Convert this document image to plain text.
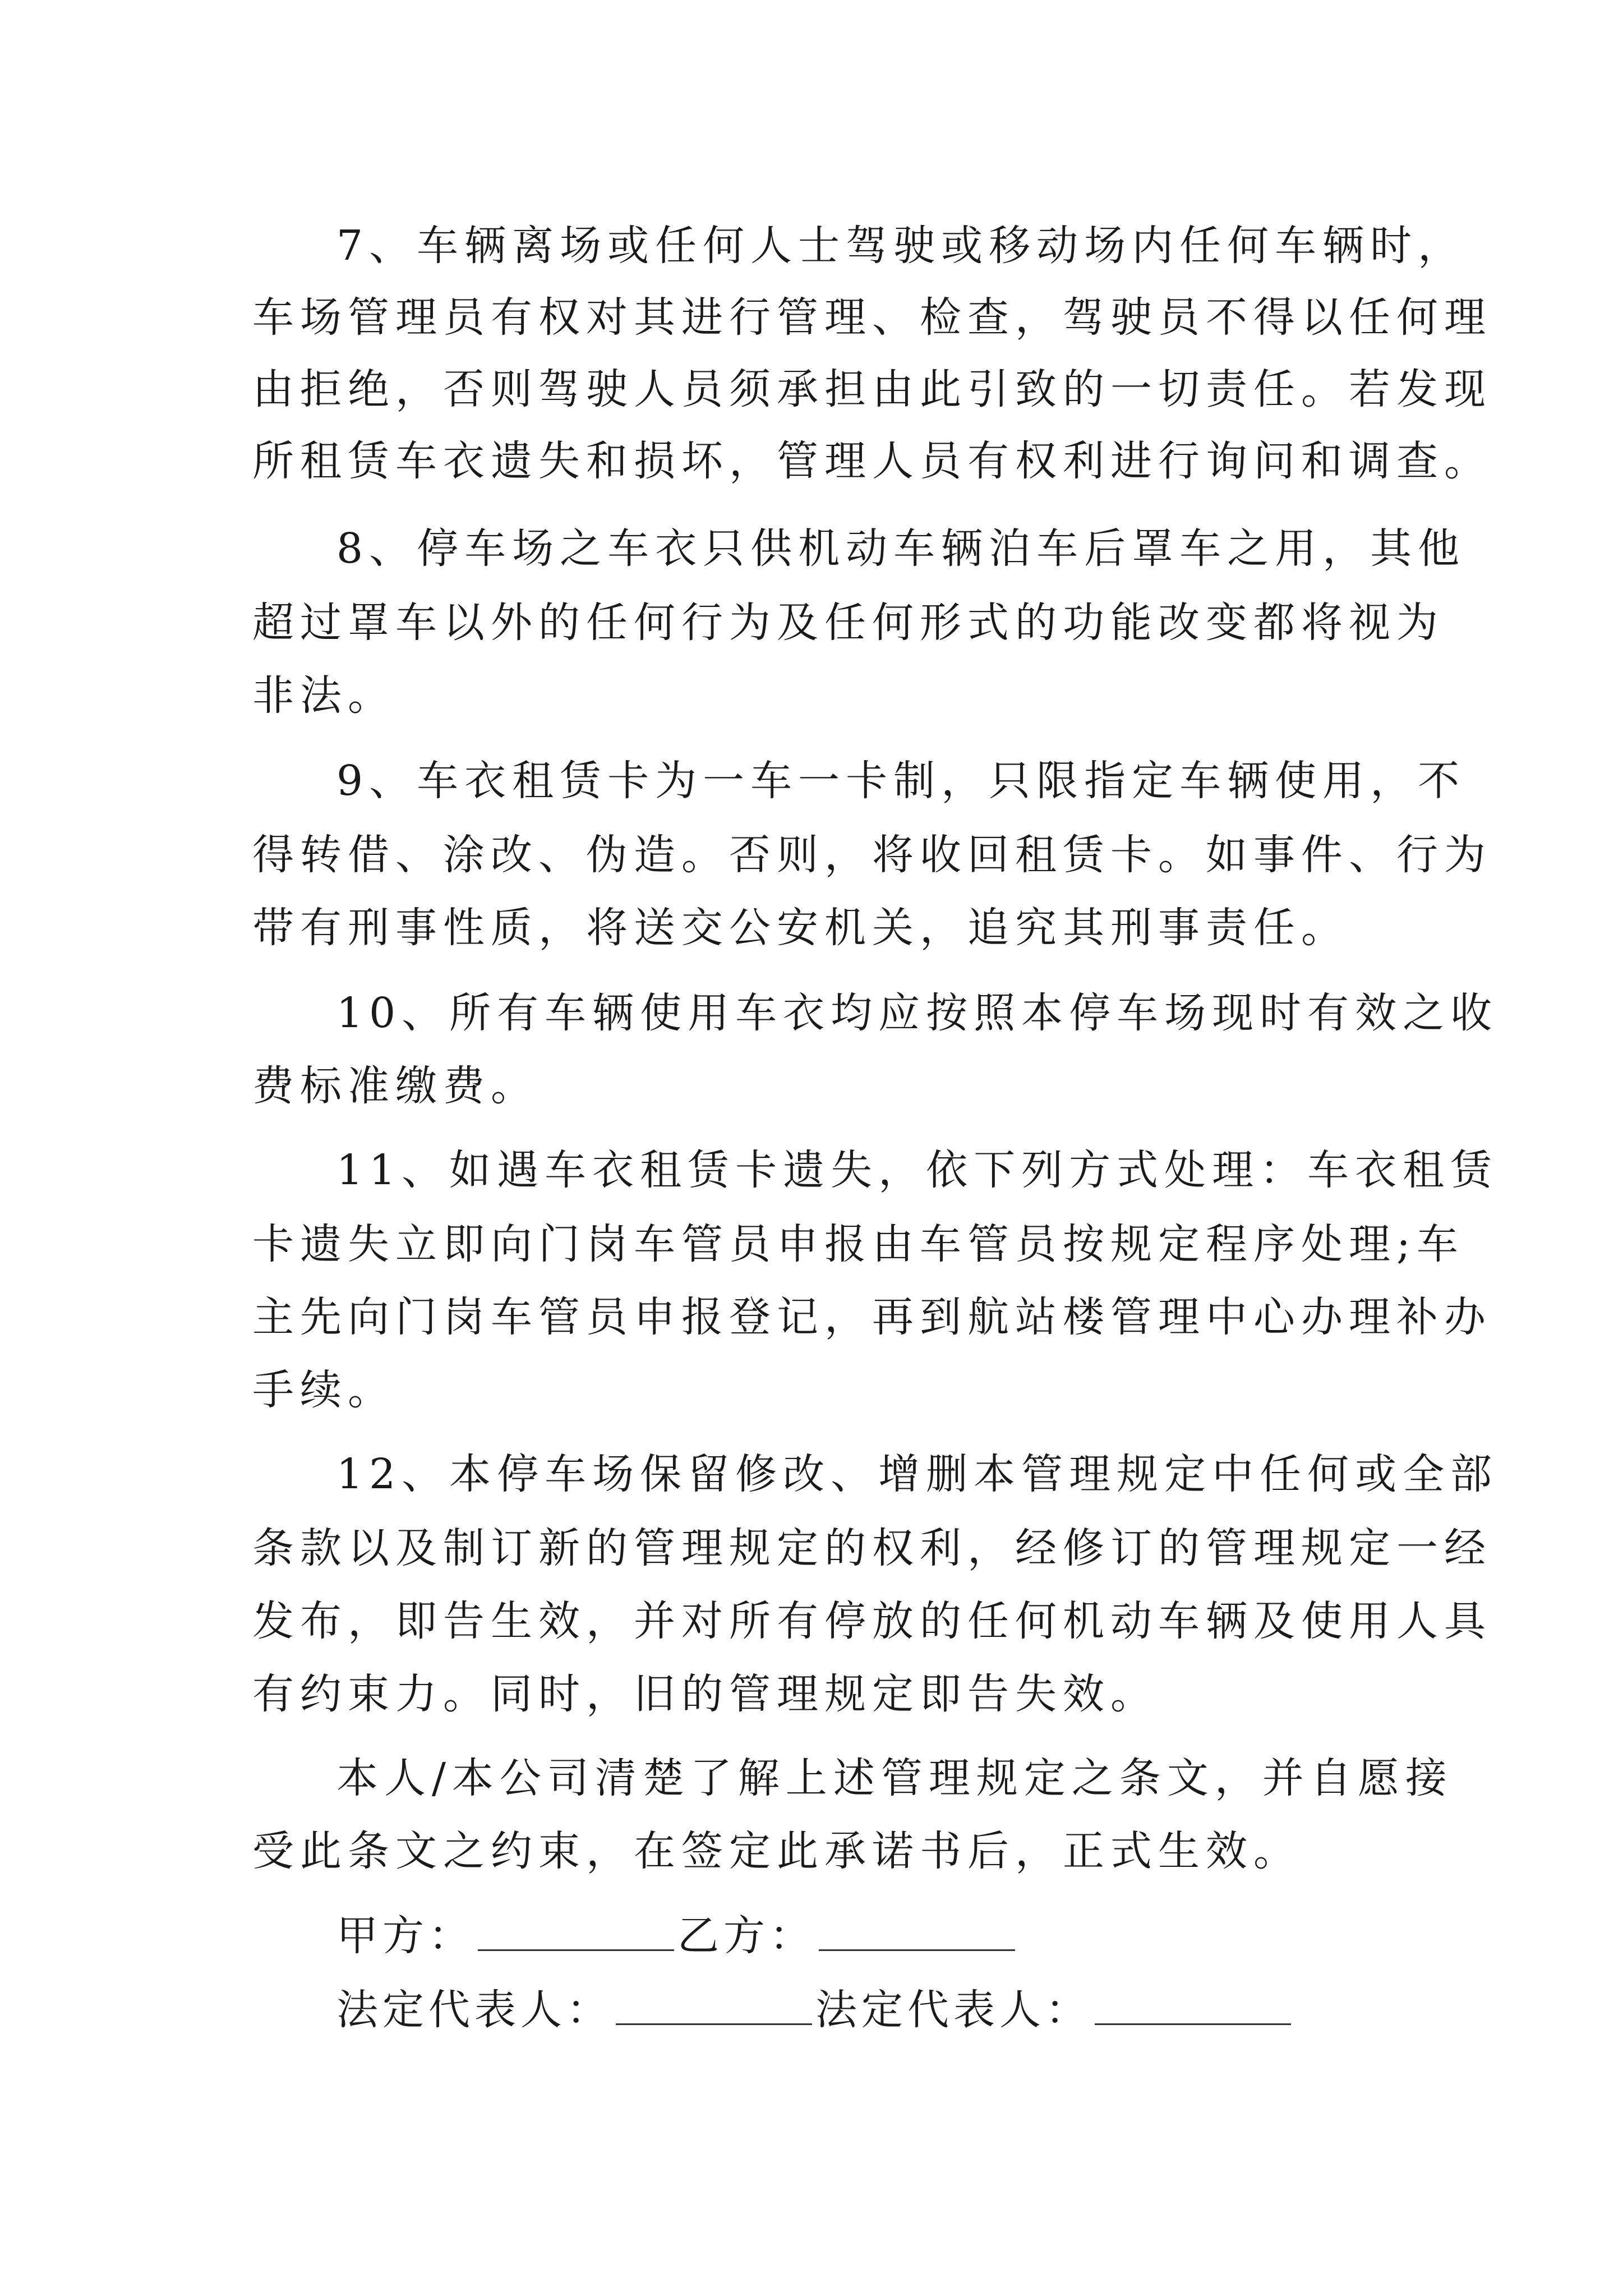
7、车辆离场或任何人士驾驶或移动场内任何车辆时，

车场管理员有权对其进行管理、检查，驾驶员不得以任何理

由拒绝，否则驾驶人员须承担由此引致的一切责任。若发现

所租赁车衣遗失和损坏，管理人员有权利进行询问和调查。

8、停车场之车衣只供机动车辆泊车后罩车之用，其他

超过罩车以外的任何行为及任何形式的功能改变都将视为

非法。

9、车衣租赁卡为一车一卡制，只限指定车辆使用，不

得转借、涂改、伪造。否则，将收回租赁卡。如事件、行为

带有刑事性质，将送交公安机关，追究其刑事责任。

10、所有车辆使用车衣均应按照本停车场现时有效之收

费标准缴费。

11、如遇车衣租赁卡遗失，依下列方式处理：车衣租赁

卡遗失立即向门岗车管员申报由车管员按规定程序处理;车

主先向门岗车管员申报登记，再到航站楼管理中心办理补办

手续。

12、本停车场保留修改、增删本管理规定中任何或全部

条款以及制订新的管理规定的权利，经修订的管理规定一经

发布，即告生效，并对所有停放的任何机动车辆及使用人具

有约束力。同时，旧的管理规定即告失效。

本人/本公司清楚了解上述管理规定之条文，并自愿接

受此条文之约束，在签定此承诺书后，正式生效。

甲方：	乙方：
法定代表人：	法定代表人：
